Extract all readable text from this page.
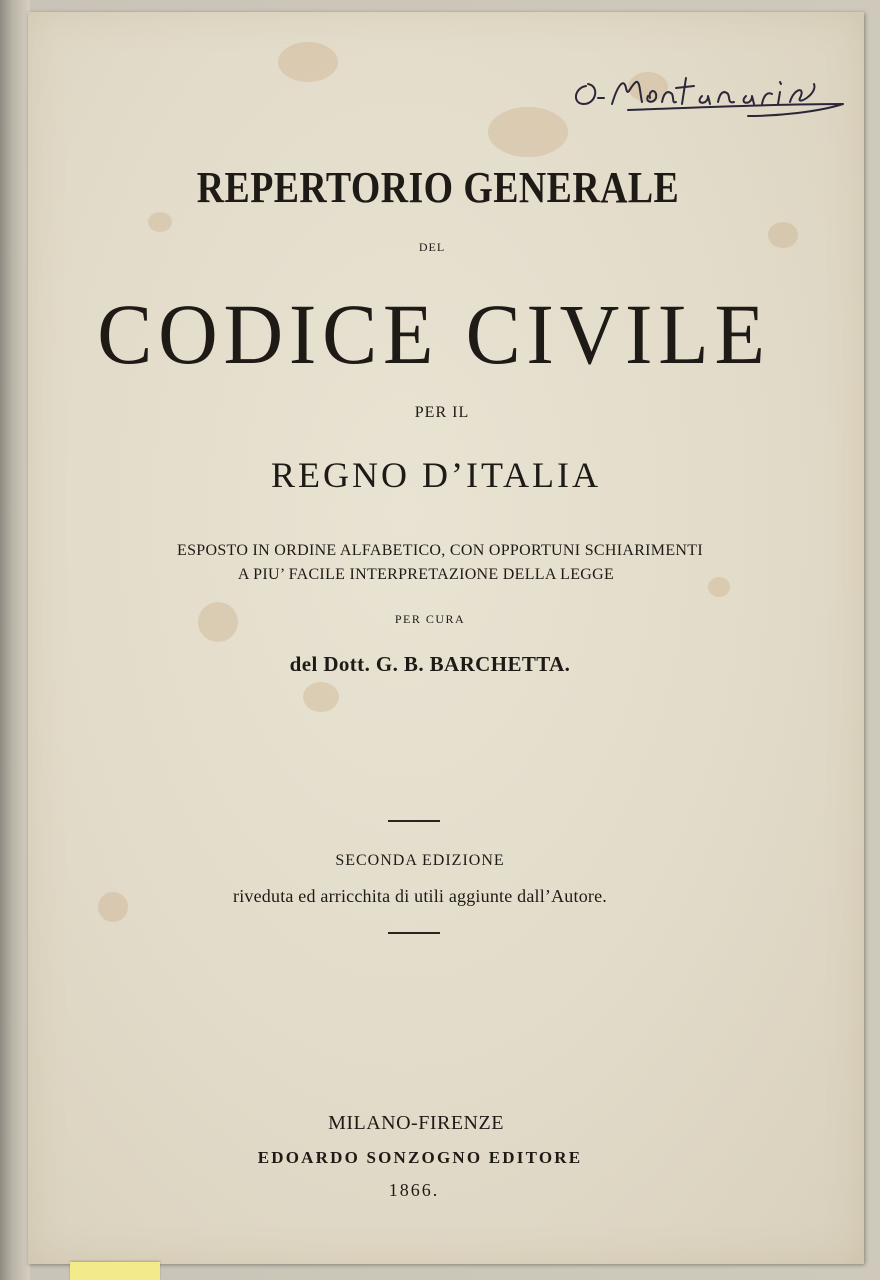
REPERTORIO GENERALE
DEL
CODICE CIVILE
PER IL
REGNO D’ITALIA
ESPOSTO IN ORDINE ALFABETICO, CON OPPORTUNI SCHIARIMENTI
A PIU’ FACILE INTERPRETAZIONE DELLA LEGGE
PER CURA
del Dott. G. B. BARCHETTA.
SECONDA EDIZIONE
riveduta ed arricchita di utili aggiunte dall’Autore.
MILANO-FIRENZE
EDOARDO SONZOGNO EDITORE
1866.
